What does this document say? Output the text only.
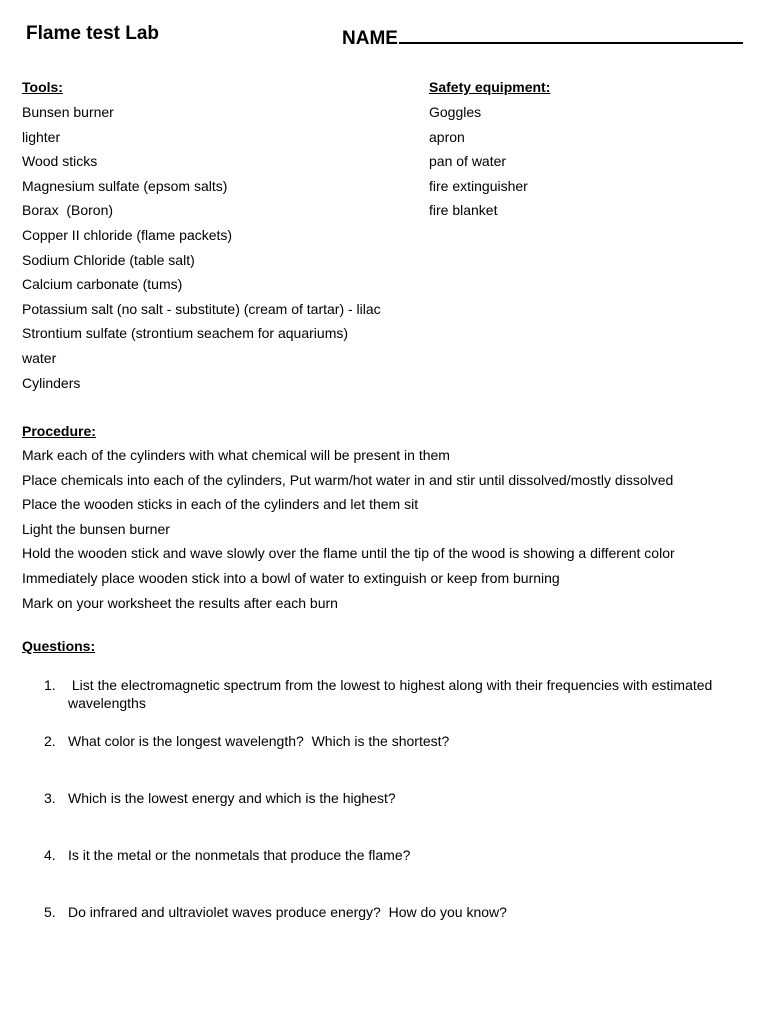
Flame test Lab	NAME
Tools:
Bunsen burner
lighter
Wood sticks
Magnesium sulfate (epsom salts)
Borax  (Boron)
Copper II chloride (flame packets)
Sodium Chloride (table salt)
Calcium carbonate (tums)
Potassium salt (no salt - substitute) (cream of tartar) - lilac
Strontium sulfate (strontium seachem for aquariums)
water
Cylinders
Safety equipment:
Goggles
apron
pan of water
fire extinguisher
fire blanket
Procedure:
Mark each of the cylinders with what chemical will be present in them
Place chemicals into each of the cylinders, Put warm/hot water in and stir until dissolved/mostly dissolved
Place the wooden sticks in each of the cylinders and let them sit
Light the bunsen burner
Hold the wooden stick and wave slowly over the flame until the tip of the wood is showing a different color
Immediately place wooden stick into a bowl of water to extinguish or keep from burning
Mark on your worksheet the results after each burn
Questions:
1. List the electromagnetic spectrum from the lowest to highest along with their frequencies with estimated wavelengths
2. What color is the longest wavelength?  Which is the shortest?
3. Which is the lowest energy and which is the highest?
4. Is it the metal or the nonmetals that produce the flame?
5. Do infrared and ultraviolet waves produce energy?  How do you know?
